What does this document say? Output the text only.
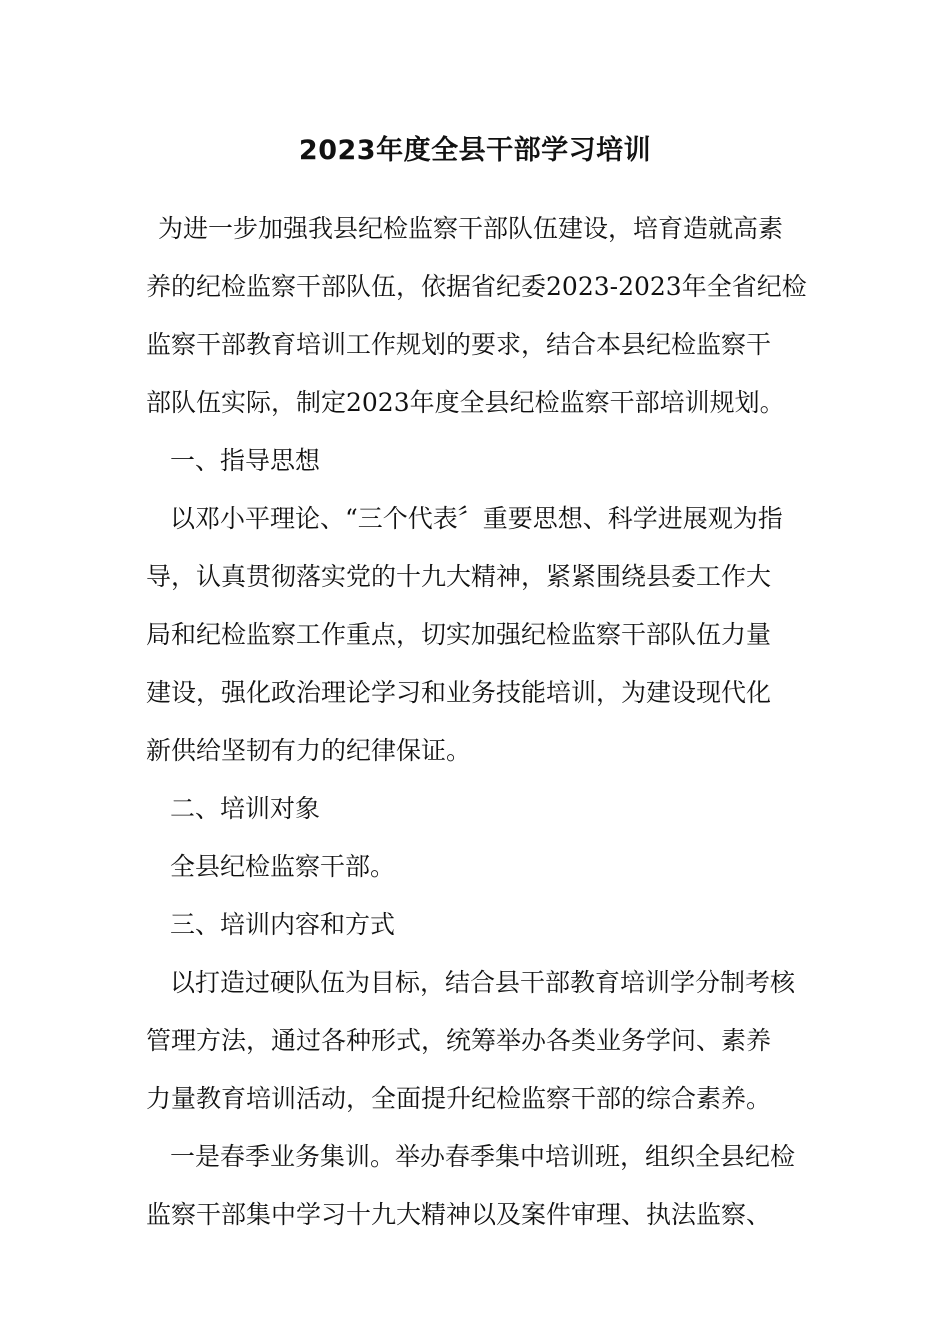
2023年度全县干部学习培训

为进一步加强我县纪检监察干部队伍建设，培育造就高素
养的纪检监察干部队伍，依据省纪委2023-2023年全省纪检
监察干部教育培训工作规划的要求，结合本县纪检监察干
部队伍实际，制定2023年度全县纪检监察干部培训规划。

一、指导思想

以邓小平理论、“三个代表〞重要思想、科学进展观为指
导，认真贯彻落实党的十九大精神，紧紧围绕县委工作大
局和纪检监察工作重点，切实加强纪检监察干部队伍力量
建设，强化政治理论学习和业务技能培训，为建设现代化
新供给坚韧有力的纪律保证。

二、培训对象

全县纪检监察干部。

三、培训内容和方式

以打造过硬队伍为目标，结合县干部教育培训学分制考核
管理方法，通过各种形式，统筹举办各类业务学问、素养
力量教育培训活动，全面提升纪检监察干部的综合素养。

一是春季业务集训。举办春季集中培训班，组织全县纪检
监察干部集中学习十九大精神以及案件审理、执法监察、
